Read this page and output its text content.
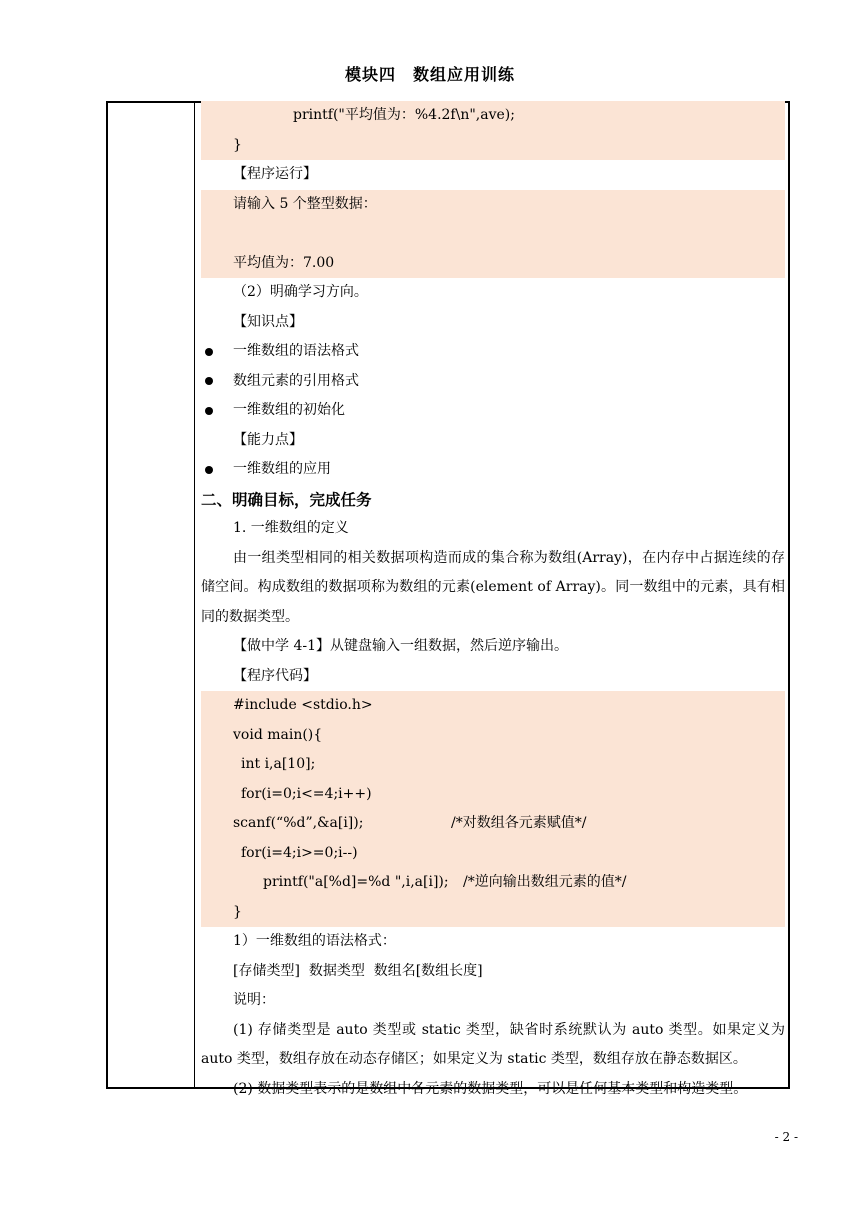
模块四　数组应用训练
printf("平均值为：%4.2f\n",ave);
}
【程序运行】
请输入 5 个整型数据：

平均值为：7.00
（2）明确学习方向。
【知识点】
一维数组的语法格式
数组元素的引用格式
一维数组的初始化
【能力点】
一维数组的应用
二、明确目标，完成任务
1. 一维数组的定义
由一组类型相同的相关数据项构造而成的集合称为数组(Array)，在内存中占据连续的存储空间。构成数组的数据项称为数组的元素(element of Array)。同一数组中的元素，具有相同的数据类型。
【做中学 4-1】从键盘输入一组数据，然后逆序输出。
【程序代码】
#include <stdio.h>
void main(){
int i,a[10];
for(i=0;i<=4;i++)
scanf(“%d”,&a[i]);	/*对数组各元素赋值*/
for(i=4;i>=0;i--)
printf("a[%d]=%d ",i,a[i]); /*逆向输出数组元素的值*/
}
1）一维数组的语法格式：
[存储类型]  数据类型  数组名[数组长度]
说明：
(1) 存储类型是 auto 类型或 static 类型，缺省时系统默认为 auto 类型。如果定义为 auto 类型，数组存放在动态存储区；如果定义为 static 类型，数组存放在静态数据区。
(2) 数据类型表示的是数组中各元素的数据类型，可以是任何基本类型和构造类型。
- 2 -
